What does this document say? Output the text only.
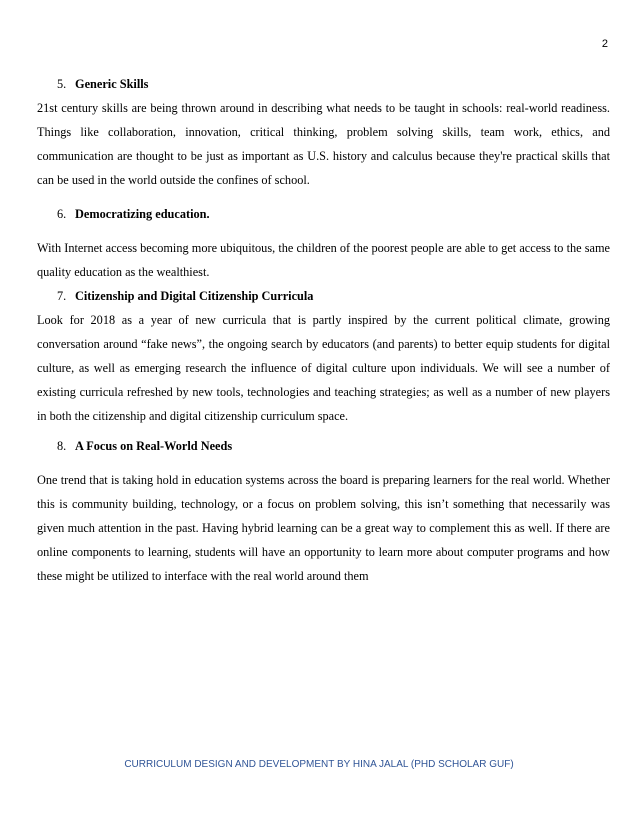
2

5. Generic Skills

21st century skills are being thrown around in describing what needs to be taught in schools: real-world readiness. Things like collaboration, innovation, critical thinking, problem solving skills, team work, ethics, and communication are thought to be just as important as U.S. history and calculus because they're practical skills that can be used in the world outside the confines of school.

6. Democratizing education.

With Internet access becoming more ubiquitous, the children of the poorest people are able to get access to the same quality education as the wealthiest.

7. Citizenship and Digital Citizenship Curricula

Look for 2018 as a year of new curricula that is partly inspired by the current political climate, growing conversation around “fake news”, the ongoing search by educators (and parents) to better equip students for digital culture, as well as emerging research the influence of digital culture upon individuals. We will see a number of existing curricula refreshed by new tools, technologies and teaching strategies; as well as a number of new players in both the citizenship and digital citizenship curriculum space.

8. A Focus on Real-World Needs

One trend that is taking hold in education systems across the board is preparing learners for the real world. Whether this is community building, technology, or a focus on problem solving, this isn’t something that necessarily was given much attention in the past. Having hybrid learning can be a great way to complement this as well. If there are online components to learning, students will have an opportunity to learn more about computer programs and how these might be utilized to interface with the real world around them

CURRICULUM DESIGN AND DEVELOPMENT BY HINA JALAL (PHD SCHOLAR GUF)
